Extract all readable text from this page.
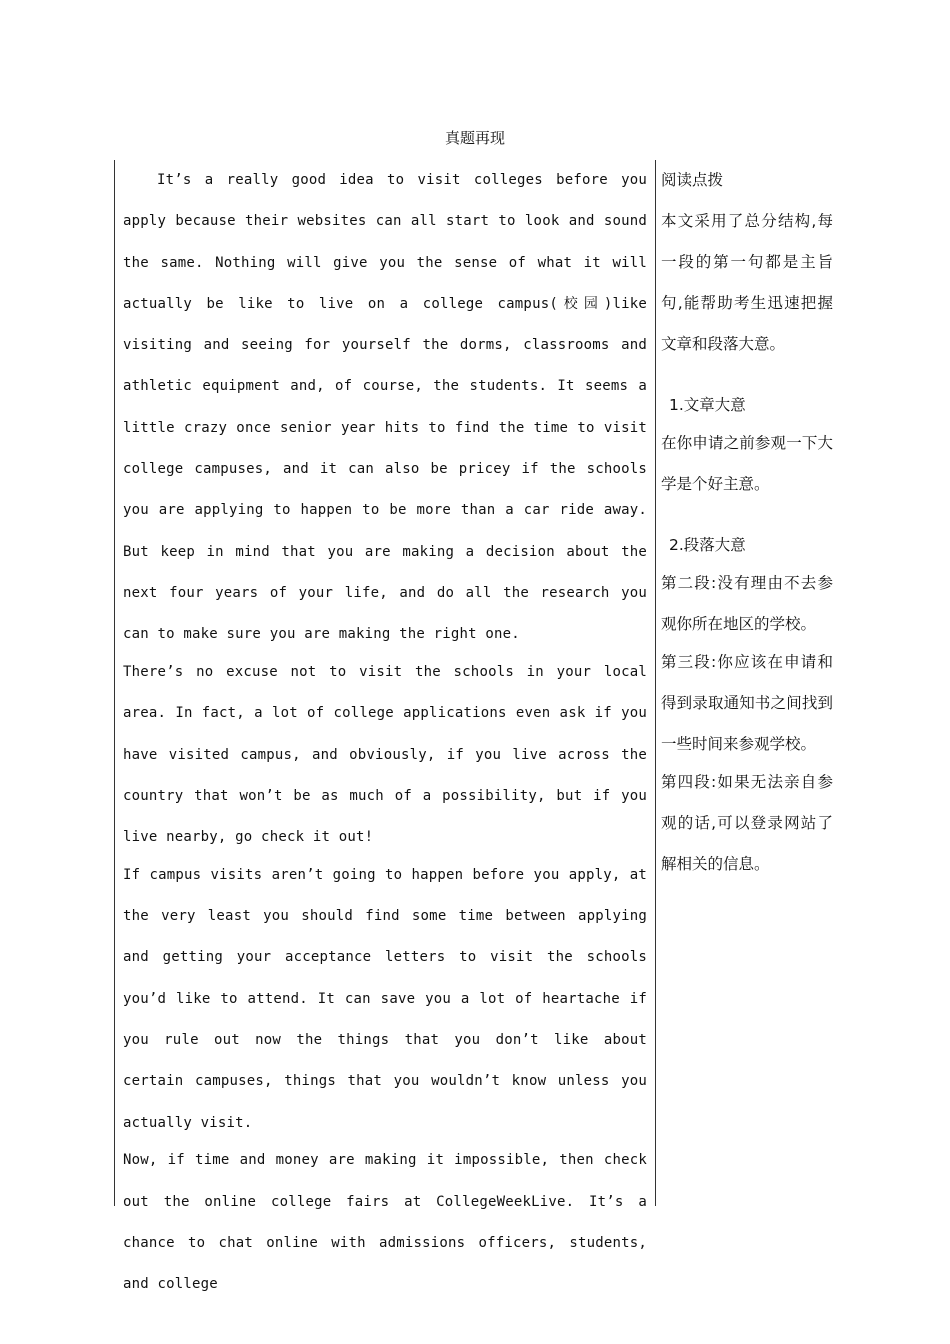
真题再现

It’s a really good idea to visit colleges before you apply because their websites can all start to look and sound the same. Nothing will give you the sense of what it will actually be like to live on a college campus(校园)like visiting and seeing for yourself the dorms, classrooms and athletic equipment and, of course, the students. It seems a little crazy once senior year hits to find the time to visit college campuses, and it can also be pricey if the schools you are applying to happen to be more than a car ride away. But keep in mind that you are making a decision about the next four years of your life, and do all the research you can to make sure you are making the right one.

There’s no excuse not to visit the schools in your local area. In fact, a lot of college applications even ask if you have visited campus, and obviously, if you live across the country that won’t be as much of a possibility, but if you live nearby, go check it out!

If campus visits aren’t going to happen before you apply, at the very least you should find some time between applying and getting your acceptance letters to visit the schools you’d like to attend. It can save you a lot of heartache if you rule out now the things that you don’t like about certain campuses, things that you wouldn’t know unless you actually visit.

Now, if time and money are making it impossible, then check out the online college fairs at CollegeWeekLive. It’s a chance to chat online with admissions officers, students, and college

阅读点拨

本文采用了总分结构,每一段的第一句都是主旨句,能帮助考生迅速把握文章和段落大意。

1.文章大意

在你申请之前参观一下大学是个好主意。

2.段落大意

第二段:没有理由不去参观你所在地区的学校。

第三段:你应该在申请和得到录取通知书之间找到一些时间来参观学校。

第四段:如果无法亲自参观的话,可以登录网站了解相关的信息。
